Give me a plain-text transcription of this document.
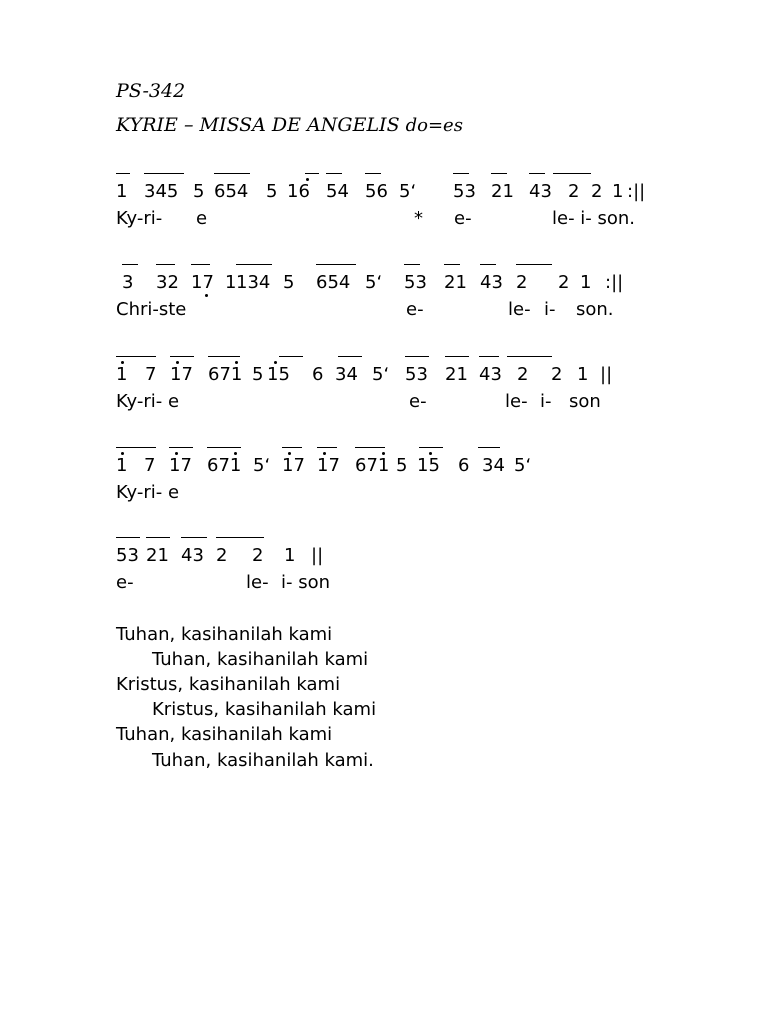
PS-342
KYRIE – MISSA DE ANGELIS do=es
1 345 5 654 5 16 54 56 5ʻ 53 21 43 2 2 1 :||
Ky-ri- e	* e-	le- i- son.
3 32 17 1 134 5 654 5ʻ 53 21 43 2 2 1 :||
Chri-ste	e-	le- i- son.
1 7 17 671 5 15 6 34 5ʻ 53 21 43 2 2 1 ||
Ky-ri- e	e-	le- i- son
1 7 17 671 5ʻ 17 17 671 5 15 6 34 5ʻ
Ky-ri- e
53 21 43 2 2 1 ||
e-	le- i- son
Tuhan, kasihanilah kami
Tuhan, kasihanilah kami
Kristus, kasihanilah kami
Kristus, kasihanilah kami
Tuhan, kasihanilah kami
Tuhan, kasihanilah kami.
